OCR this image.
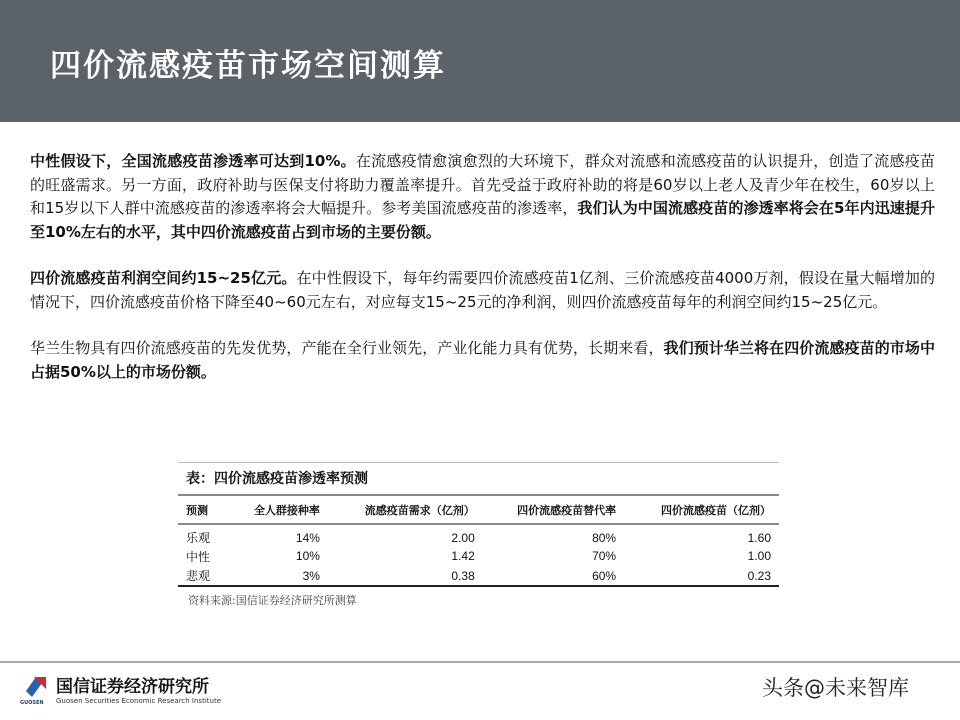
四价流感疫苗市场空间测算

中性假设下，全国流感疫苗渗透率可达到10%。在流感疫情愈演愈烈的大环境下，群众对流感和流感疫苗的认识提升，创造了流感疫苗的旺盛需求。另一方面，政府补助与医保支付将助力覆盖率提升。首先受益于政府补助的将是60岁以上老人及青少年在校生，60岁以上和15岁以下人群中流感疫苗的渗透率将会大幅提升。参考美国流感疫苗的渗透率，我们认为中国流感疫苗的渗透率将会在5年内迅速提升至10%左右的水平，其中四价流感疫苗占到市场的主要份额。

四价流感疫苗利润空间约15~25亿元。在中性假设下，每年约需要四价流感疫苗1亿剂、三价流感疫苗4000万剂，假设在量大幅增加的情况下，四价流感疫苗价格下降至40~60元左右，对应每支15~25元的净利润，则四价流感疫苗每年的利润空间约15~25亿元。

华兰生物具有四价流感疫苗的先发优势，产能在全行业领先，产业化能力具有优势，长期来看，我们预计华兰将在四价流感疫苗的市场中占据50%以上的市场份额。

表：四价流感疫苗渗透率预测
预测	全人群接种率	流感疫苗需求（亿剂）	四价流感疫苗替代率	四价流感疫苗（亿剂）
乐观	14%	2.00	80%	1.60
中性	10%	1.42	70%	1.00
悲观	3%	0.38	60%	0.23
资料来源:国信证券经济研究所测算
GUOSEN
国信证券经济研究所
Guosen Securities Economic Research Institute
头条@未来智库
